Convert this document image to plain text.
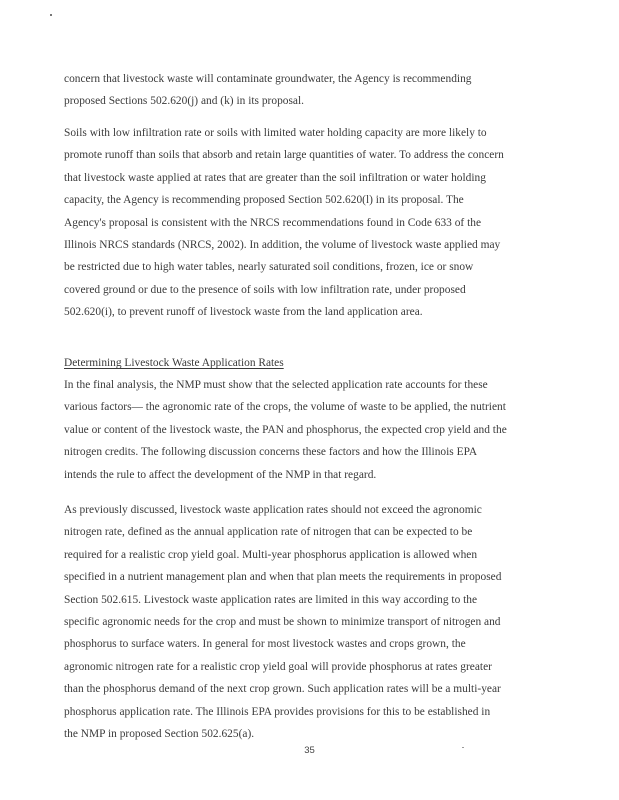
concern that livestock waste will contaminate groundwater, the Agency is recommending
proposed Sections 502.620(j) and (k) in its proposal.

Soils with low infiltration rate or soils with limited water holding capacity are more likely to
promote runoff than soils that absorb and retain large quantities of water. To address the concern
that livestock waste applied at rates that are greater than the soil infiltration or water holding
capacity, the Agency is recommending proposed Section 502.620(l) in its proposal. The
Agency's proposal is consistent with the NRCS recommendations found in Code 633 of the
Illinois NRCS standards (NRCS, 2002). In addition, the volume of livestock waste applied may
be restricted due to high water tables, nearly saturated soil conditions, frozen, ice or snow
covered ground or due to the presence of soils with low infiltration rate, under proposed
502.620(i), to prevent runoff of livestock waste from the land application area.

Determining Livestock Waste Application Rates

In the final analysis, the NMP must show that the selected application rate accounts for these
various factors— the agronomic rate of the crops, the volume of waste to be applied, the nutrient
value or content of the livestock waste, the PAN and phosphorus, the expected crop yield and the
nitrogen credits. The following discussion concerns these factors and how the Illinois EPA
intends the rule to affect the development of the NMP in that regard.

As previously discussed, livestock waste application rates should not exceed the agronomic
nitrogen rate, defined as the annual application rate of nitrogen that can be expected to be
required for a realistic crop yield goal. Multi-year phosphorus application is allowed when
specified in a nutrient management plan and when that plan meets the requirements in proposed
Section 502.615. Livestock waste application rates are limited in this way according to the
specific agronomic needs for the crop and must be shown to minimize transport of nitrogen and
phosphorus to surface waters. In general for most livestock wastes and crops grown, the
agronomic nitrogen rate for a realistic crop yield goal will provide phosphorus at rates greater
than the phosphorus demand of the next crop grown. Such application rates will be a multi-year
phosphorus application rate. The Illinois EPA provides provisions for this to be established in
the NMP in proposed Section 502.625(a).

35
